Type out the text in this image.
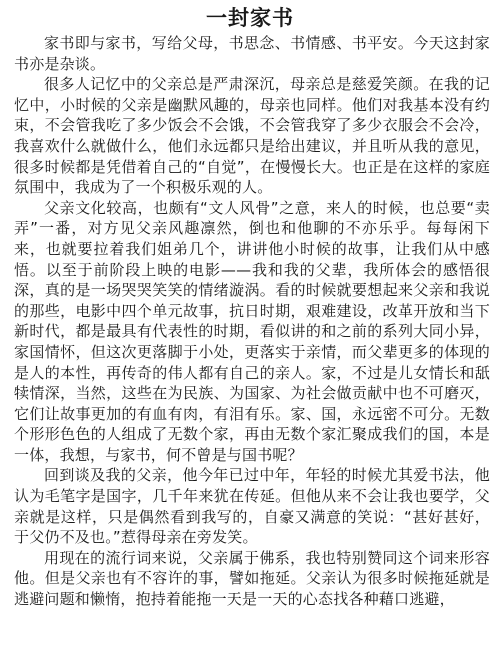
一封家书

家书即与家书，写给父母，书思念、书情感、书平安。今天这封家书亦是杂谈。

很多人记忆中的父亲总是严肃深沉，母亲总是慈爱笑颜。在我的记忆中，小时候的父亲是幽默风趣的，母亲也同样。他们对我基本没有约束，不会管我吃了多少饭会不会饿，不会管我穿了多少衣服会不会冷，我喜欢什么就做什么，他们永远都只是给出建议，并且听从我的意见，很多时候都是凭借着自己的“自觉”，在慢慢长大。也正是在这样的家庭氛围中，我成为了一个积极乐观的人。

父亲文化较高，也颇有“文人风骨”之意，来人的时候，也总要“卖弄”一番，对方见父亲风趣凛然，倒也和他聊的不亦乐乎。每每闲下来，也就要拉着我们姐弟几个，讲讲他小时候的故事，让我们从中感悟。以至于前阶段上映的电影——我和我的父辈，我所体会的感悟很深，真的是一场哭哭笑笑的情绪漩涡。看的时候就要想起来父亲和我说的那些，电影中四个单元故事，抗日时期，艰难建设，改革开放和当下新时代，都是最具有代表性的时期，看似讲的和之前的系列大同小异，家国情怀，但这次更落脚于小处，更落实于亲情，而父辈更多的体现的是人的本性，再传奇的伟人都有自己的亲人。家，不过是儿女情长和舐犊情深，当然，这些在为民族、为国家、为社会做贡献中也不可磨灭，它们让故事更加的有血有肉，有泪有乐。家、国，永远密不可分。无数个形形色色的人组成了无数个家，再由无数个家汇聚成我们的国，本是一体，我想，与家书，何不曾是与国书呢？

回到谈及我的父亲，他今年已过中年，年轻的时候尤其爱书法，他认为毛笔字是国字，几千年来犹在传延。但他从来不会让我也要学，父亲就是这样，只是偶然看到我写的，自豪又满意的笑说：“甚好甚好，于父仍不及也。”惹得母亲在旁发笑。

用现在的流行词来说，父亲属于佛系，我也特别赞同这个词来形容他。但是父亲也有不容许的事，譬如拖延。父亲认为很多时候拖延就是逃避问题和懒惰，抱持着能拖一天是一天的心态找各种藉口逃避，
